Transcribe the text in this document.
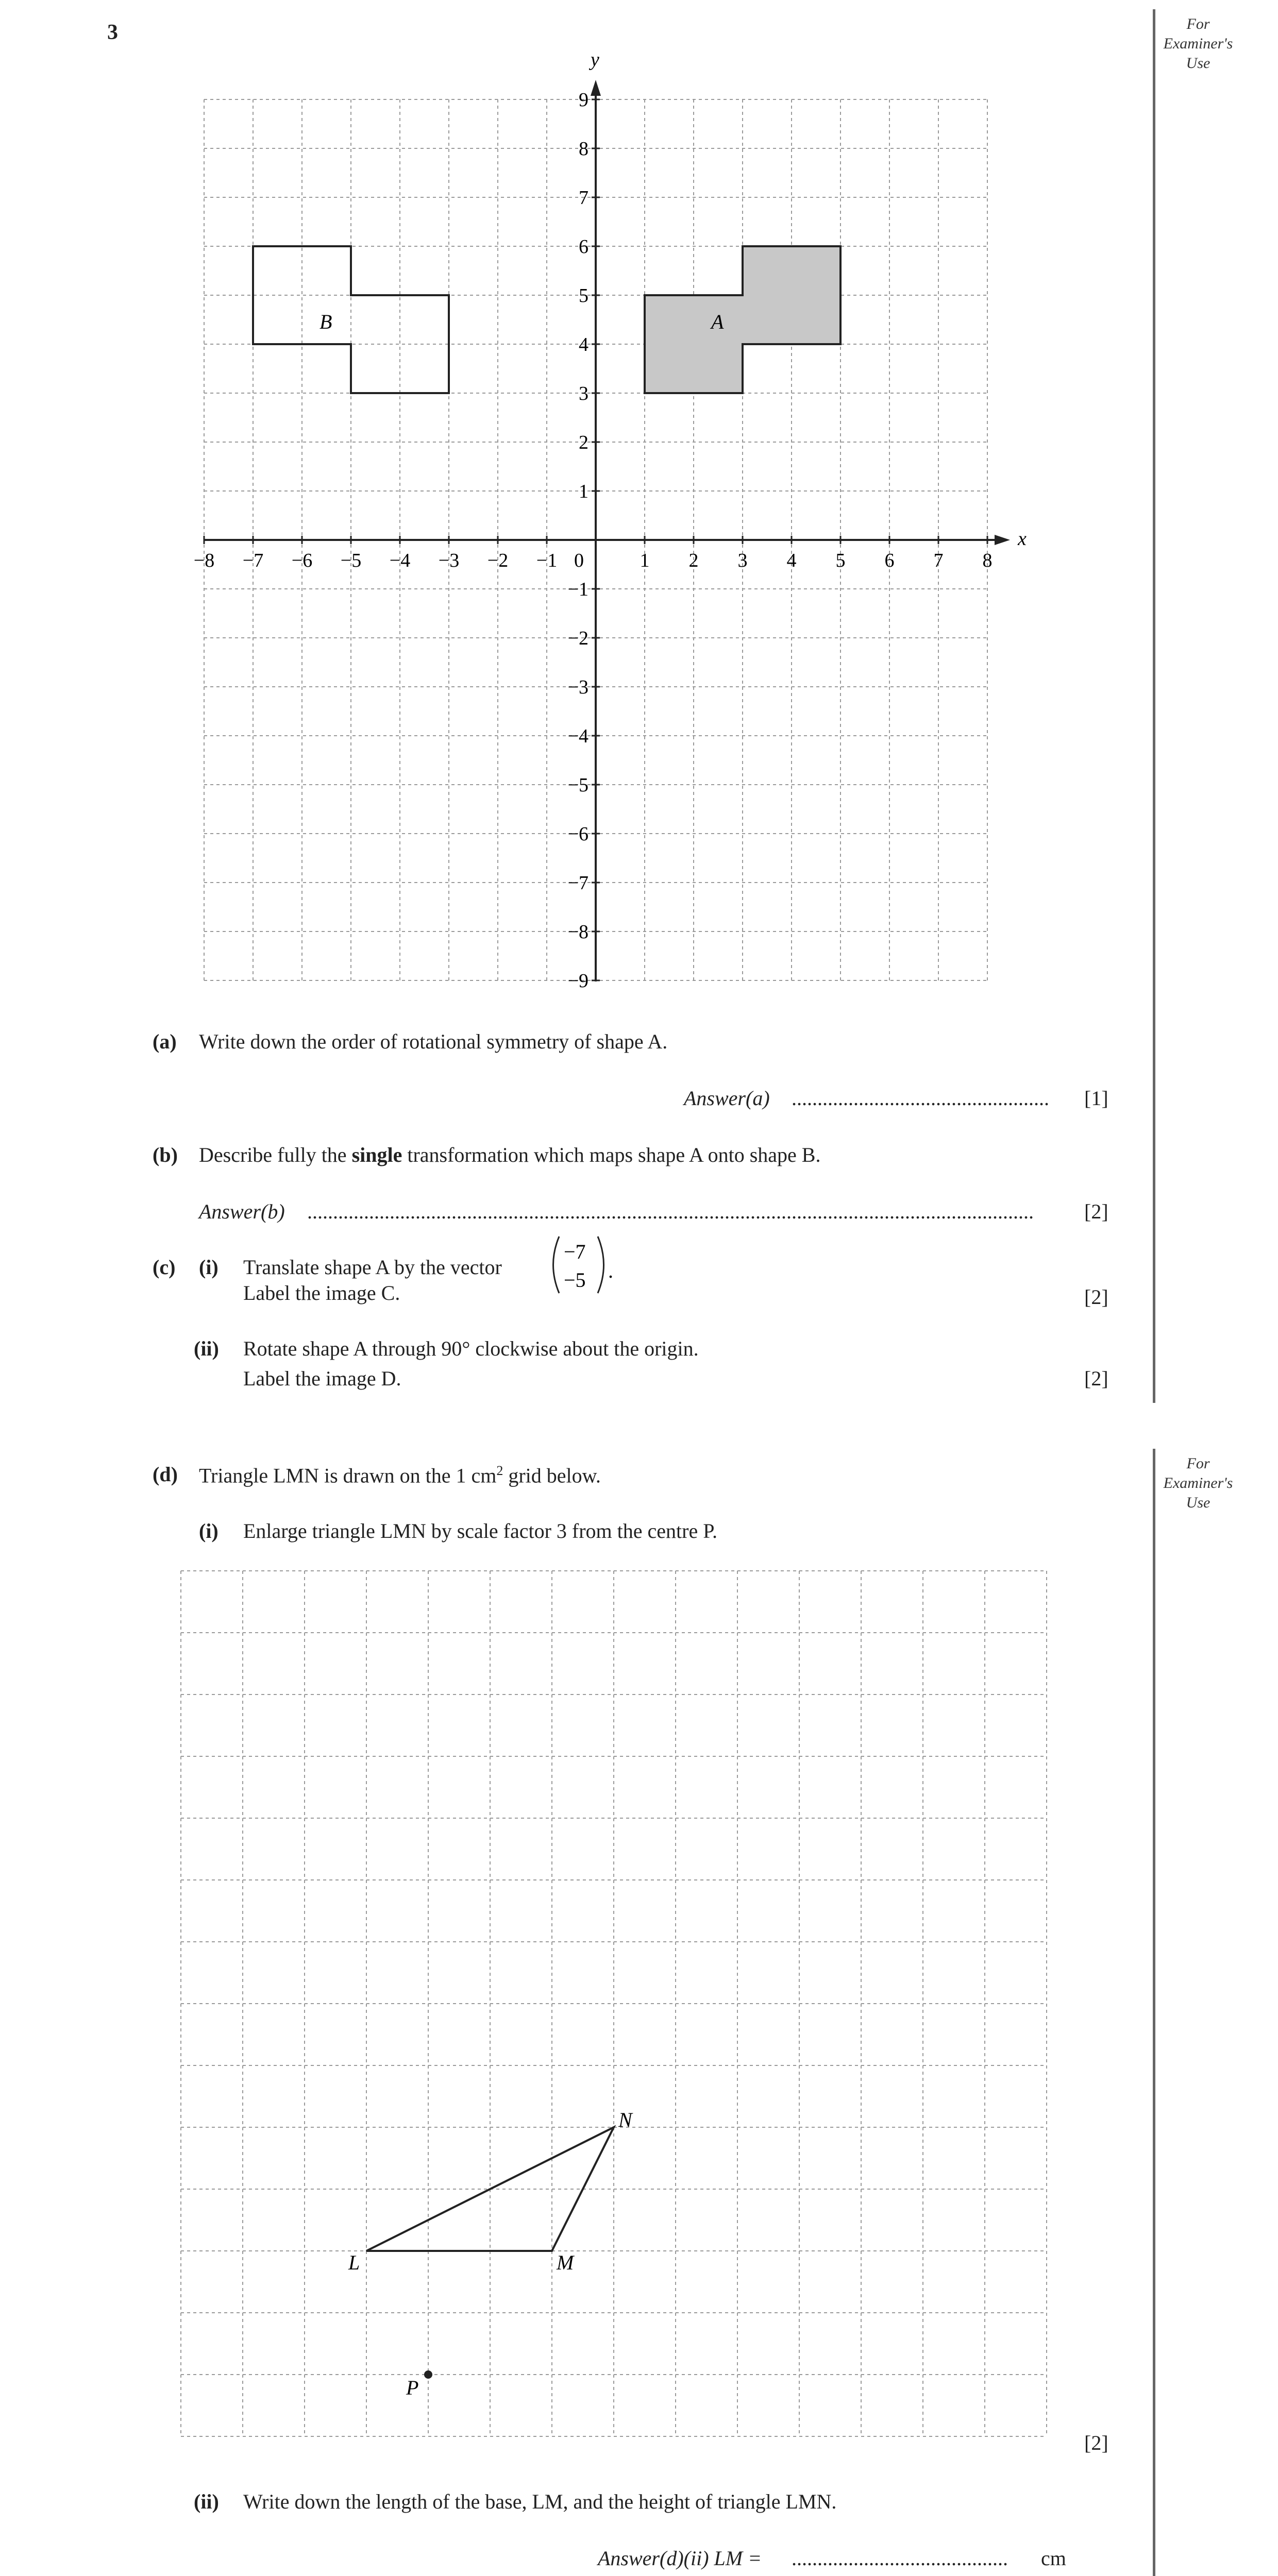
3	For
Examiner's
Use
For
Examiner's
Use
x
y
0
−8 −7 −6 −5 −4 −3 −2 −1	1 2 3 4 5 6 7 8
9
8
7
6
5
4
3
2
1
−1
−2
−3
−4
−5
−6
−7
−8
−9
A
B
(a) Write down the order of rotational symmetry of shape A.
Answer(a) .................................................. [1]
(b) Describe fully the single transformation which maps shape A onto shape B.
Answer(b) .............................................................................................................................................	[2]
(c) (i) Translate shape A by the vector
−7
−5 .
Label the image C.	[2]
(ii) Rotate shape A through 90° clockwise about the origin.
Label the image D.	[2]
(d) Triangle LMN is drawn on the 1 $cm^2$ grid below.
(i) Enlarge triangle LMN by scale factor 3 from the centre P.
L	M
N
P
[2]
(ii) Write down the length of the base, LM, and the height of triangle LMN.
Answer(d)(ii) LM = .......................................... cm
